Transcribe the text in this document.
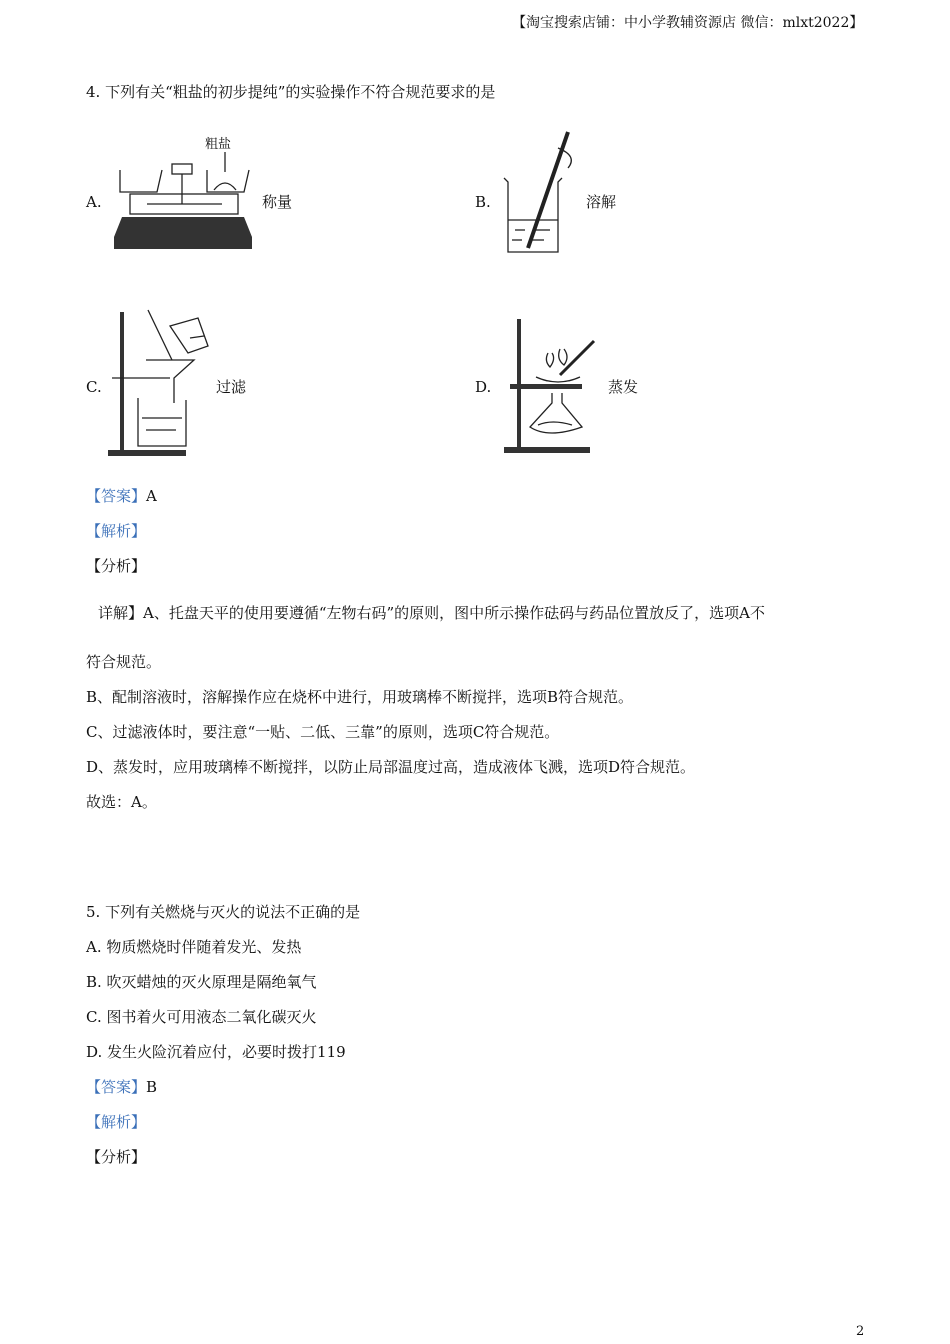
【淘宝搜索店铺：中小学教辅资源店 微信：mlxt2022】
4. 下列有关“粗盐的初步提纯”的实验操作不符合规范要求的是
A.
粗盐
称量	B.	溶解
C.	过滤	D.	蒸发
【答案】A
【解析】
【分析】
详解】A、托盘天平的使用要遵循“左物右码”的原则，图中所示操作砝码与药品位置放反了，选项A不
符合规范。
B、配制溶液时，溶解操作应在烧杯中进行，用玻璃棒不断搅拌，选项B符合规范。
C、过滤液体时，要注意“一贴、二低、三靠”的原则，选项C符合规范。
D、蒸发时，应用玻璃棒不断搅拌，以防止局部温度过高，造成液体飞溅，选项D符合规范。
故选：A。
5. 下列有关燃烧与灭火的说法不正确的是
A. 物质燃烧时伴随着发光、发热
B. 吹灭蜡烛的灭火原理是隔绝氧气
C. 图书着火可用液态二氧化碳灭火
D. 发生火险沉着应付，必要时拨打119
【答案】B
【解析】
【分析】
2
